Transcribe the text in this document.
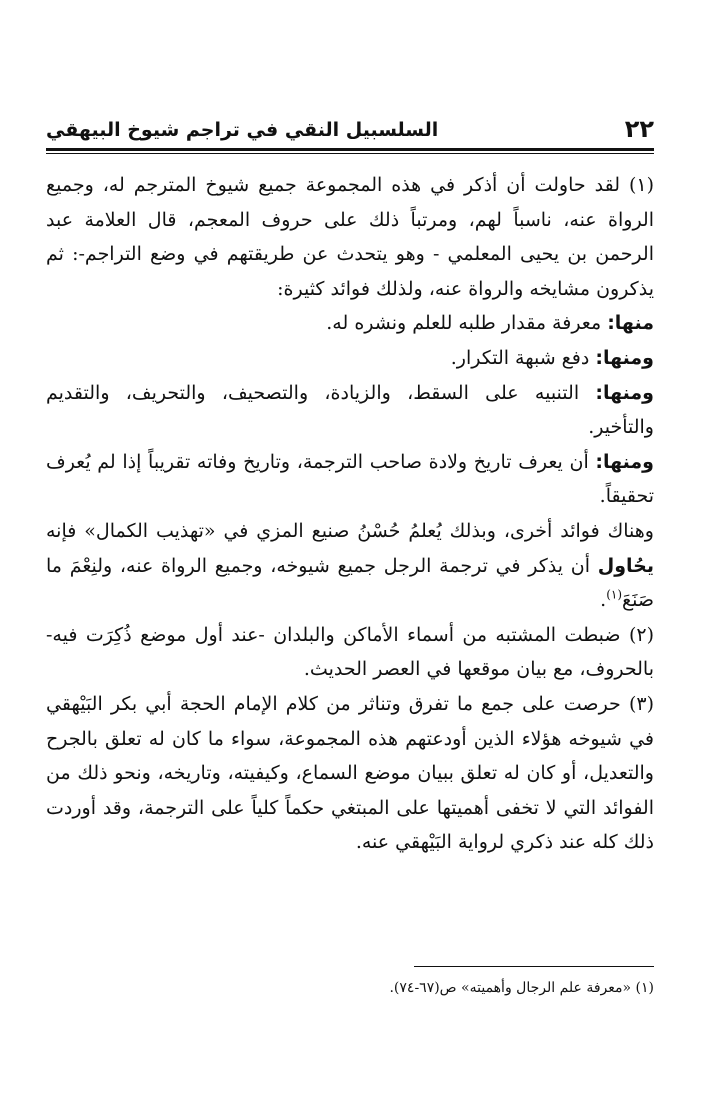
٢٢
السلسبيل النقي في تراجم شيوخ البيهقي

(١) لقد حاولت أن أذكر في هذه المجموعة جميع شيوخ المترجم له، وجميع الرواة عنه، ناسباً لهم، ومرتباً ذلك على حروف المعجم، قال العلامة عبد الرحمن بن يحيى المعلمي - وهو يتحدث عن طريقتهم في وضع التراجم-: ثم يذكرون مشايخه والرواة عنه، ولذلك فوائد كثيرة:

منها: معرفة مقدار طلبه للعلم ونشره له.

ومنها: دفع شبهة التكرار.

ومنها: التنبيه على السقط، والزيادة، والتصحيف، والتحريف، والتقديم والتأخير.

ومنها: أن يعرف تاريخ ولادة صاحب الترجمة، وتاريخ وفاته تقريباً إذا لم يُعرف تحقيقاً.

وهناك فوائد أخرى، وبذلك يُعلمُ حُسْنُ صنيع المزي في «تهذيب الكمال» فإنه يحُاول أن يذكر في ترجمة الرجل جميع شيوخه، وجميع الرواة عنه، ولنِعْمَ ما صَنَعَ$^{(١)}$.

(٢) ضبطت المشتبه من أسماء الأماكن والبلدان -عند أول موضع ذُكِرَت فيه- بالحروف، مع بيان موقعها في العصر الحديث.

(٣) حرصت على جمع ما تفرق وتناثر من كلام الإمام الحجة أبي بكر البَيْهقي في شيوخه هؤلاء الذين أودعتهم هذه المجموعة، سواء ما كان له تعلق بالجرح والتعديل، أو كان له تعلق ببيان موضع السماع، وكيفيته، وتاريخه، ونحو ذلك من الفوائد التي لا تخفى أهميتها على المبتغي حكماً كلياً على الترجمة، وقد أوردت ذلك كله عند ذكري لرواية البَيْهقي عنه.

(١) «معرفة علم الرجال وأهميته» ص(٦٧-٧٤).
